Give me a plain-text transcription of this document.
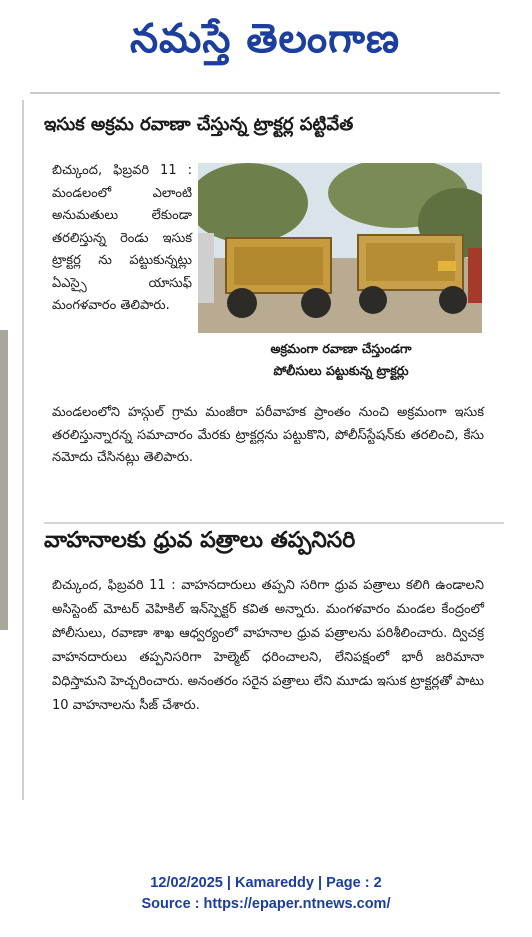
నమస్తే తెలంగాణ
ఇసుక అక్రమ రవాణా చేస్తున్న ట్రాక్టర్ల పట్టివేత
బిచ్కుంద, ఫిబ్రవరి 11 : మండలంలో ఎలాంటి అనుమతులు లేకుండా తరలిస్తున్న రెండు ఇసుక ట్రాక్టర్ల ను పట్టుకున్నట్లు ఏఎస్సై యాసుఫ్ మంగళవారం తెలిపారు.
అక్రమంగా రవాణా చేస్తుండగా
పోలీసులు పట్టుకున్న ట్రాక్టర్లు
మండలంలోని హస్గుల్ గ్రామ మంజీరా పరీవాహక ప్రాంతం నుంచి అక్రమంగా ఇసుక తరలిస్తున్నారన్న సమాచారం మేరకు ట్రాక్టర్లను పట్టుకొని, పోలీస్‌స్టేషన్‌కు తరలించి, కేసు నమోదు చేసినట్లు తెలిపారు.
వాహనాలకు ధ్రువ పత్రాలు తప్పనిసరి
బిచ్కుంద, ఫిబ్రవరి 11 : వాహనదారులు తప్పని సరిగా ధ్రువ పత్రాలు కలిగి ఉండాలని అసిస్టెంట్ మోటర్ వెహికిల్ ఇన్‌స్పెక్టర్ కవిత అన్నారు. మంగళవారం మండల కేంద్రంలో పోలీసులు, రవాణా శాఖ ఆధ్వర్యంలో వాహనాల ధ్రువ పత్రాలను పరిశీలించారు. ద్విచక్ర వాహనదారులు తప్పనిసరిగా హెల్మెట్ ధరించాలని, లేనిపక్షంలో భారీ జరిమానా విధిస్తామని హెచ్చరించారు. అనంతరం సరైన పత్రాలు లేని మూడు ఇసుక ట్రాక్టర్లతో పాటు 10 వాహనాలను సీజ్ చేశారు.
12/02/2025 | Kamareddy | Page : 2
Source : https://epaper.ntnews.com/
